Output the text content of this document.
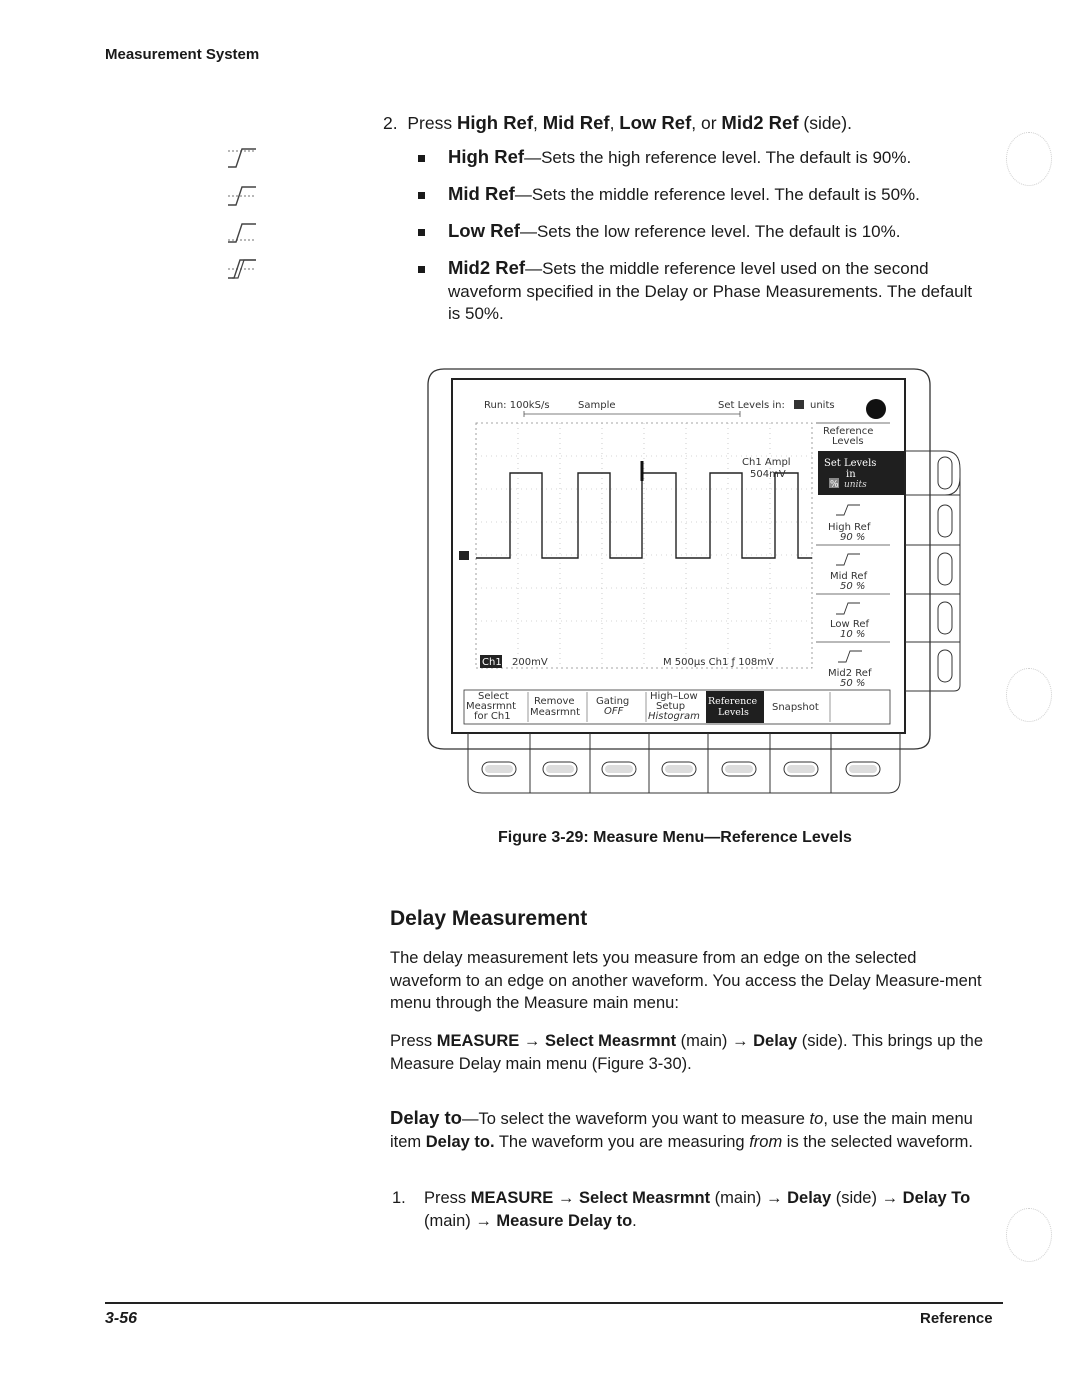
Measurement System
2. Press High Ref, Mid Ref, Low Ref, or Mid2 Ref (side).
High Ref—Sets the high reference level. The default is 90%.
Mid Ref—Sets the middle reference level. The default is 50%.
Low Ref—Sets the low reference level. The default is 10%.
Mid2 Ref—Sets the middle reference level used on the second waveform specified in the Delay or Phase Measurements. The default is 50%.
Run: 100kS/s	Sample	Set Levels in:	units
Ch1 Ampl
504mV
Ch1 200mV	M 500µs Ch1 ƒ 108mV
Reference
Levels
Set Levels
in
% units
High Ref
90 %
Mid Ref
50 %
Low Ref
10 %
Mid2 Ref
50 %
Select
Measrmnt
for Ch1
Remove
Measrmnt
Gating
OFF
High–Low
Setup
Histogram
Reference
Levels Snapshot
Figure 3-29: Measure Menu—Reference Levels
Delay Measurement
The delay measurement lets you measure from an edge on the selected waveform to an edge on another waveform. You access the Delay Measure-ment menu through the Measure main menu:
Press MEASURE → Select Measrmnt (main) → Delay (side). This brings up the Measure Delay main menu (Figure 3-30).
Delay to—To select the waveform you want to measure to, use the main menu item Delay to. The waveform you are measuring from is the selected waveform.
1. Press MEASURE → Select Measrmnt (main) → Delay (side) → Delay To (main) → Measure Delay to.
3-56	Reference
